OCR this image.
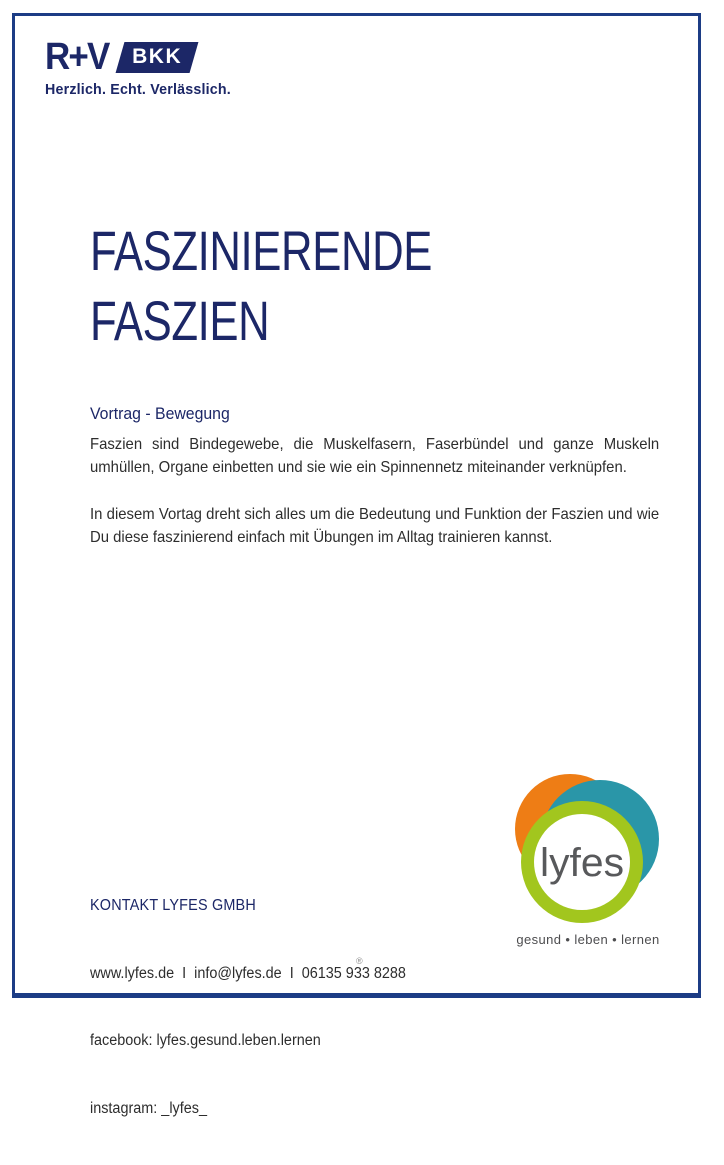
R+V	BKK
Herzlich. Echt. Verlässlich.
FASZINIERENDE
FASZIEN
Vortrag - Bewegung

Faszien sind Bindegewebe, die Muskelfasern, Faserbündel und ganze Muskeln umhüllen, Organe einbetten und sie wie ein Spinnennetz miteinander verknüpfen.

In diesem Vortag dreht sich alles um die Bedeutung und Funktion der Faszien und wie Du diese faszinierend einfach mit Übungen im Alltag trainieren kannst.

KONTAKT LYFES GMBH

www.lyfes.de  I  info@lyfes.de  I  06135 933 8288

facebook: lyfes.gesund.leben.lernen

instagram: _lyfes_

lyfes
gesund • leben • lernen
®
